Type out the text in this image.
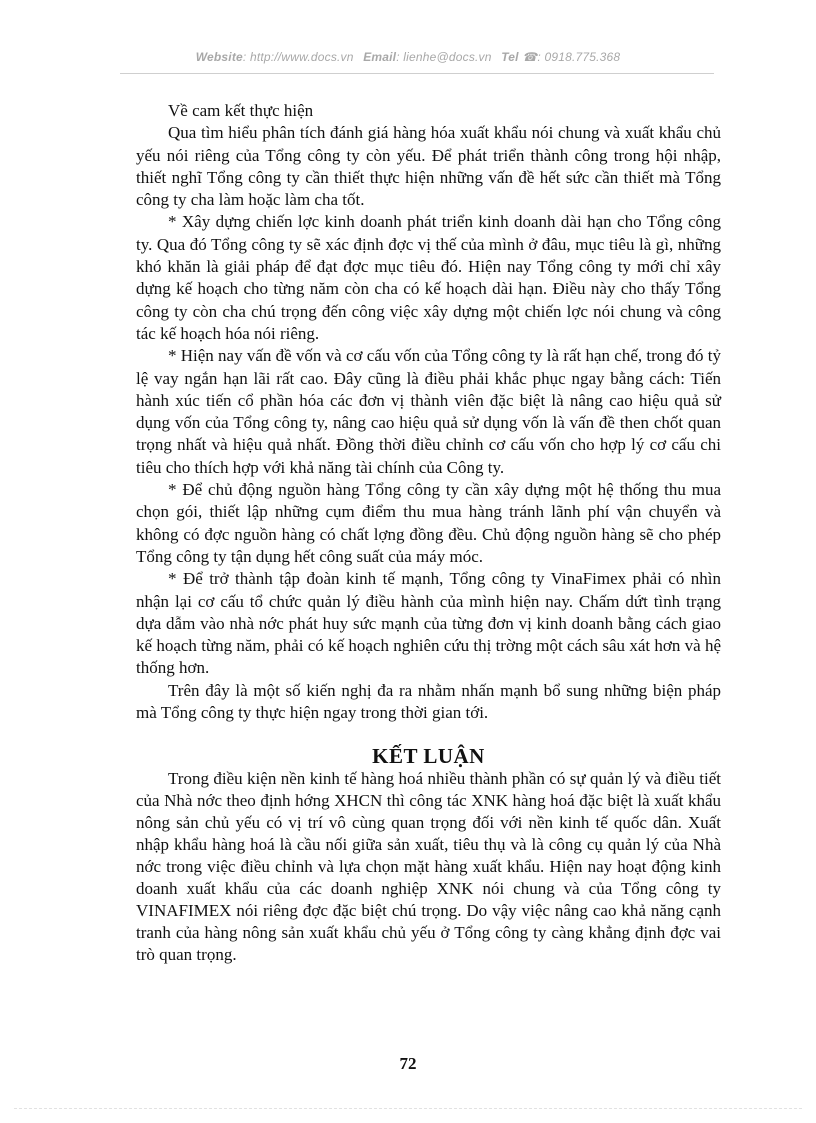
Website: http://www.docs.vn Email: lienhe@docs.vn Tel ☎: 0918.775.368

Về cam kết thực hiện

Qua tìm hiểu phân tích đánh giá hàng hóa xuất khẩu nói chung và xuất khẩu chủ yếu nói riêng của Tổng công ty còn yếu. Để phát triển thành công trong hội nhập, thiết nghĩ Tổng công ty cần thiết thực hiện những vấn đề hết sức cần thiết mà Tổng công ty cha làm hoặc làm cha tốt.

* Xây dựng chiến lợc kinh doanh phát triển kinh doanh dài hạn cho Tổng công ty. Qua đó Tổng công ty sẽ xác định đợc vị thế của mình ở đâu, mục tiêu là gì, những khó khăn là giải pháp để đạt đợc mục tiêu đó. Hiện nay Tổng công ty mới chỉ xây dựng kế hoạch cho từng năm còn cha có kế hoạch dài hạn. Điều này cho thấy Tổng công ty còn cha chú trọng đến công việc xây dựng một chiến lợc nói chung và công tác kế hoạch hóa nói riêng.

* Hiện nay vấn đề vốn và cơ cấu vốn của Tổng công ty là rất hạn chế, trong đó tỷ lệ vay ngắn hạn lãi rất cao. Đây cũng là điều phải khắc phục ngay bằng cách: Tiến hành xúc tiến cổ phần hóa các đơn vị thành viên đặc biệt là nâng cao hiệu quả sử dụng vốn của Tổng công ty, nâng cao hiệu quả sử dụng vốn là vấn đề then chốt quan trọng nhất và hiệu quả nhất. Đồng thời điều chỉnh cơ cấu vốn cho hợp lý cơ cấu chi tiêu cho thích hợp với khả năng tài chính của Công ty.

* Để chủ động nguồn hàng Tổng công ty cần xây dựng một hệ thống thu mua chọn gói, thiết lập những cụm điểm thu mua hàng tránh lãnh phí vận chuyển và không có đợc nguồn hàng có chất lợng đồng đều. Chủ động nguồn hàng sẽ cho phép Tổng công ty tận dụng hết công suất của máy móc.

* Để trở thành tập đoàn kinh tế mạnh, Tổng công ty VinaFimex phải có nhìn nhận lại cơ cấu tổ chức quản lý điều hành của mình hiện nay. Chấm dứt tình trạng dựa dẫm vào nhà nớc phát huy sức mạnh của từng đơn vị kinh doanh bằng cách giao kế hoạch từng năm, phải có kế hoạch nghiên cứu thị trờng một cách sâu xát hơn và hệ thống hơn.

Trên đây là một số kiến nghị đa ra nhằm nhấn mạnh bổ sung những biện pháp mà Tổng công ty thực hiện ngay trong thời gian tới.

KẾT LUẬN

Trong điều kiện nền kinh tế hàng hoá nhiều thành phần có sự quản lý và điều tiết của Nhà nớc theo định hớng XHCN thì công tác XNK hàng hoá đặc biệt là xuất khẩu nông sản chủ yếu có vị trí vô cùng quan trọng đối với nền kinh tế quốc dân. Xuất nhập khẩu hàng hoá là cầu nối giữa sản xuất, tiêu thụ và là công cụ quản lý của Nhà nớc trong việc điều chỉnh và lựa chọn mặt hàng xuất khẩu. Hiện nay hoạt động kinh doanh xuất khẩu của các doanh nghiệp XNK nói chung và của Tổng công ty VINAFIMEX nói riêng đợc đặc biệt chú trọng. Do vậy việc nâng cao khả năng cạnh tranh của hàng nông sản xuất khẩu chủ yếu ở Tổng công ty càng khẳng định đợc vai trò quan trọng.

72
